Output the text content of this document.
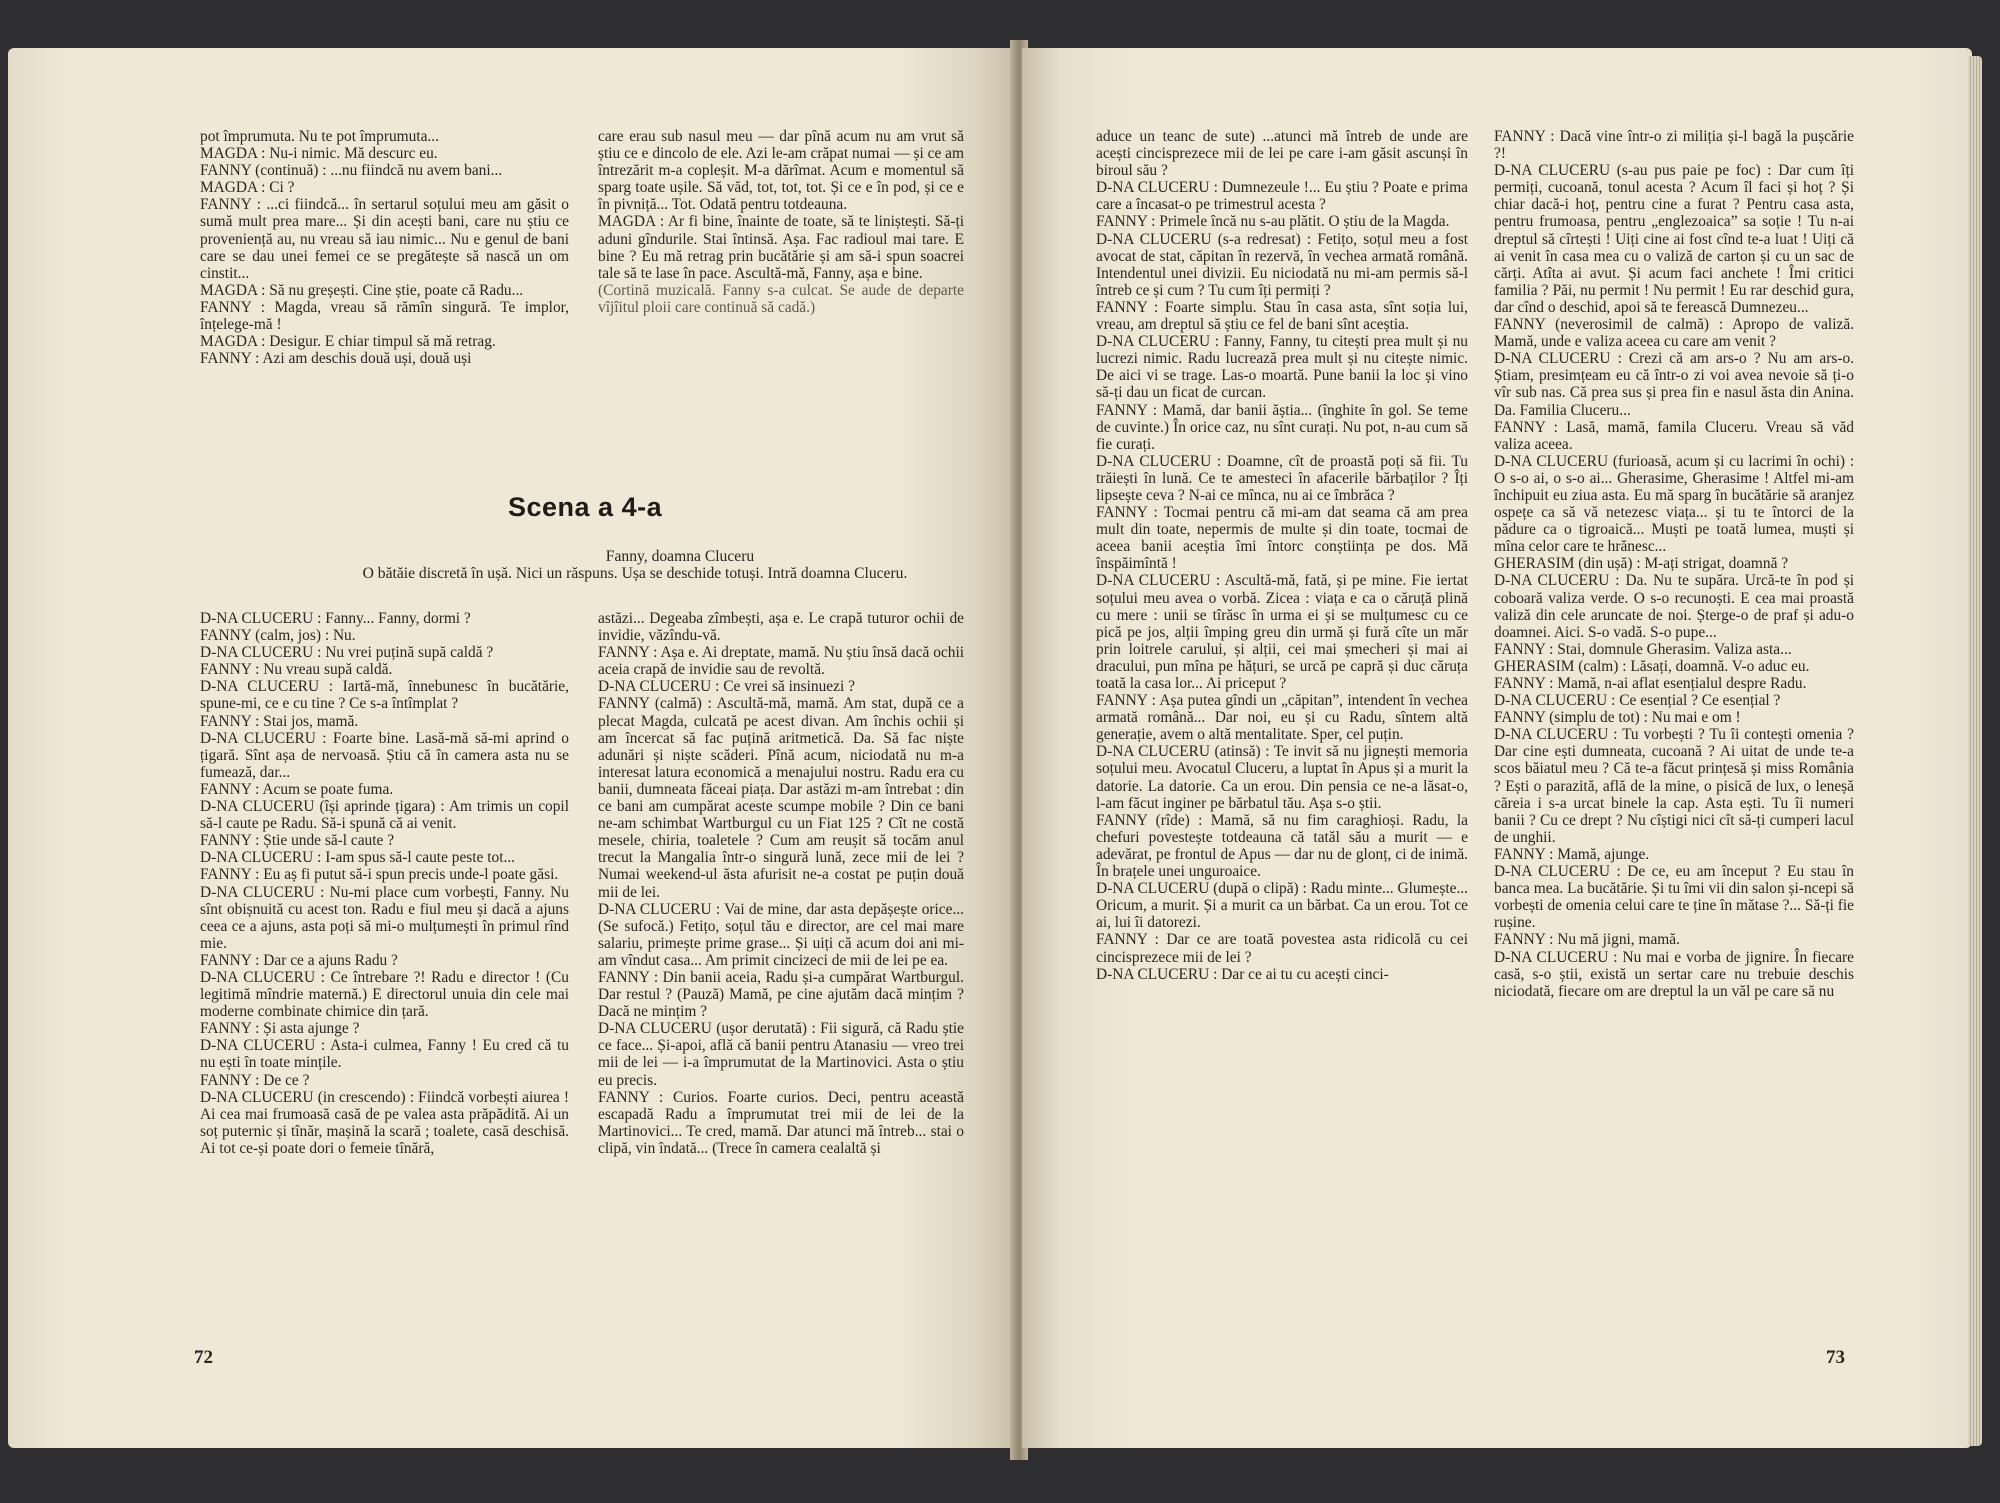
pot împrumuta. Nu te pot împrumuta...

MAGDA : Nu-i nimic. Mă descurc eu.

FANNY (continuă) : ...nu fiindcă nu avem bani...

MAGDA : Ci ?

FANNY : ...ci fiindcă... în sertarul soțului meu am găsit o sumă mult prea mare... Și din acești bani, care nu știu ce proveniență au, nu vreau să iau nimic... Nu e genul de bani care se dau unei femei ce se pregătește să nască un om cinstit...

MAGDA : Să nu greșești. Cine știe, poate că Radu...

FANNY : Magda, vreau să rămîn singură. Te implor, înțelege-mă !

MAGDA : Desigur. E chiar timpul să mă retrag.

FANNY : Azi am deschis două uși, două uși

care erau sub nasul meu — dar pînă acum nu am vrut să știu ce e dincolo de ele. Azi le-am crăpat numai — și ce am întrezărit m-a copleșit. M-a dărîmat. Acum e momentul să sparg toate ușile. Să văd, tot, tot, tot. Și ce e în pod, și ce e în pivniță... Tot. Odată pentru totdeauna.

MAGDA : Ar fi bine, înainte de toate, să te liniștești. Să-ți aduni gîndurile. Stai întinsă. Așa. Fac radioul mai tare. E bine ? Eu mă retrag prin bucătărie și am să-i spun soacrei tale să te lase în pace. Ascultă-mă, Fanny, așa e bine.

(Cortină muzicală. Fanny s-a culcat. Se aude de departe vîjîitul ploii care continuă să cadă.)

Scena a 4-a
Fanny, doamna Cluceru
O bătăie discretă în ușă. Nici un răspuns. Ușa se deschide totuși. Intră doamna Cluceru.

D-NA CLUCERU : Fanny... Fanny, dormi ?

FANNY (calm, jos) : Nu.

D-NA CLUCERU : Nu vrei puțină supă caldă ?

FANNY : Nu vreau supă caldă.

D-NA CLUCERU : Iartă-mă, înnebunesc în bucătărie, spune-mi, ce e cu tine ? Ce s-a întîmplat ?

FANNY : Stai jos, mamă.

D-NA CLUCERU : Foarte bine. Lasă-mă să-mi aprind o țigară. Sînt așa de nervoasă. Știu că în camera asta nu se fumează, dar...

FANNY : Acum se poate fuma.

D-NA CLUCERU (își aprinde țigara) : Am trimis un copil să-l caute pe Radu. Să-i spună că ai venit.

FANNY : Știe unde să-l caute ?

D-NA CLUCERU : I-am spus să-l caute peste tot...

FANNY : Eu aș fi putut să-i spun precis unde-l poate găsi.

D-NA CLUCERU : Nu-mi place cum vorbești, Fanny. Nu sînt obișnuită cu acest ton. Radu e fiul meu și dacă a ajuns ceea ce a ajuns, asta poți să mi-o mulțumești în primul rînd mie.

FANNY : Dar ce a ajuns Radu ?

D-NA CLUCERU : Ce întrebare ?! Radu e director ! (Cu legitimă mîndrie maternă.) E directorul unuia din cele mai moderne combinate chimice din țară.

FANNY : Și asta ajunge ?

D-NA CLUCERU : Asta-i culmea, Fanny ! Eu cred că tu nu ești în toate mințile.

FANNY : De ce ?

D-NA CLUCERU (in crescendo) : Fiindcă vorbești aiurea ! Ai cea mai frumoasă casă de pe valea asta prăpădită. Ai un soț puternic și tînăr, mașină la scară ; toalete, casă deschisă. Ai tot ce-și poate dori o femeie tînără,

astăzi... Degeaba zîmbești, așa e. Le crapă tuturor ochii de invidie, văzîndu-vă.

FANNY : Așa e. Ai dreptate, mamă. Nu știu însă dacă ochii aceia crapă de invidie sau de revoltă.

D-NA CLUCERU : Ce vrei să insinuezi ?

FANNY (calmă) : Ascultă-mă, mamă. Am stat, după ce a plecat Magda, culcată pe acest divan. Am închis ochii și am încercat să fac puțină aritmetică. Da. Să fac niște adunări și niște scăderi. Pînă acum, niciodată nu m-a interesat latura economică a menajului nostru. Radu era cu banii, dumneata făceai piața. Dar astăzi m-am întrebat : din ce bani am cumpărat aceste scumpe mobile ? Din ce bani ne-am schimbat Wartburgul cu un Fiat 125 ? Cît ne costă mesele, chiria, toaletele ? Cum am reușit să tocăm anul trecut la Mangalia într-o singură lună, zece mii de lei ? Numai weekend-ul ăsta afurisit ne-a costat pe puțin două mii de lei.

D-NA CLUCERU : Vai de mine, dar asta depășește orice... (Se sufocă.) Fetițo, soțul tău e director, are cel mai mare salariu, primește prime grase... Și uiți că acum doi ani mi-am vîndut casa... Am primit cincizeci de mii de lei pe ea.

FANNY : Din banii aceia, Radu și-a cumpărat Wartburgul. Dar restul ? (Pauză) Mamă, pe cine ajutăm dacă mințim ? Dacă ne mințim ?

D-NA CLUCERU (ușor derutată) : Fii sigură, că Radu știe ce face... Și-apoi, află că banii pentru Atanasiu — vreo trei mii de lei — i-a împrumutat de la Martinovici. Asta o știu eu precis.

FANNY : Curios. Foarte curios. Deci, pentru această escapadă Radu a împrumutat trei mii de lei de la Martinovici... Te cred, mamă. Dar atunci mă întreb... stai o clipă, vin îndată... (Trece în camera cealaltă și

72

aduce un teanc de sute) ...atunci mă întreb de unde are acești cincisprezece mii de lei pe care i-am găsit ascunși în biroul său ?

D-NA CLUCERU : Dumnezeule !... Eu știu ? Poate e prima care a încasat-o pe trimestrul acesta ?

FANNY : Primele încă nu s-au plătit. O știu de la Magda.

D-NA CLUCERU (s-a redresat) : Fetițo, soțul meu a fost avocat de stat, căpitan în rezervă, în vechea armată română. Intendentul unei divizii. Eu niciodată nu mi-am permis să-l întreb ce și cum ? Tu cum îți permiți ?

FANNY : Foarte simplu. Stau în casa asta, sînt soția lui, vreau, am dreptul să știu ce fel de bani sînt aceștia.

D-NA CLUCERU : Fanny, Fanny, tu citești prea mult și nu lucrezi nimic. Radu lucrează prea mult și nu citește nimic. De aici vi se trage. Las-o moartă. Pune banii la loc și vino să-ți dau un ficat de curcan.

FANNY : Mamă, dar banii ăștia... (înghite în gol. Se teme de cuvinte.) În orice caz, nu sînt curați. Nu pot, n-au cum să fie curați.

D-NA CLUCERU : Doamne, cît de proastă poți să fii. Tu trăiești în lună. Ce te amesteci în afacerile bărbaților ? Îți lipsește ceva ? N-ai ce mînca, nu ai ce îmbrăca ?

FANNY : Tocmai pentru că mi-am dat seama că am prea mult din toate, nepermis de multe și din toate, tocmai de aceea banii aceștia îmi întorc conștiința pe dos. Mă înspăimîntă !

D-NA CLUCERU : Ascultă-mă, fată, și pe mine. Fie iertat soțului meu avea o vorbă. Zicea : viața e ca o căruță plină cu mere : unii se tîrăsc în urma ei și se mulțumesc cu ce pică pe jos, alții împing greu din urmă și fură cîte un măr prin loitrele carului, și alții, cei mai șmecheri și mai ai dracului, pun mîna pe hățuri, se urcă pe capră și duc căruța toată la casa lor... Ai priceput ?

FANNY : Așa putea gîndi un „căpitan”, intendent în vechea armată română... Dar noi, eu și cu Radu, sîntem altă generație, avem o altă mentalitate. Sper, cel puțin.

D-NA CLUCERU (atinsă) : Te invit să nu jignești memoria soțului meu. Avocatul Cluceru, a luptat în Apus și a murit la datorie. La datorie. Ca un erou. Din pensia ce ne-a lăsat-o, l-am făcut inginer pe bărbatul tău. Așa s-o știi.

FANNY (rîde) : Mamă, să nu fim caraghioși. Radu, la chefuri povestește totdeauna că tatăl său a murit — e adevărat, pe frontul de Apus — dar nu de glonț, ci de inimă. În brațele unei unguroaice.

D-NA CLUCERU (după o clipă) : Radu minte... Glumește... Oricum, a murit. Și a murit ca un bărbat. Ca un erou. Tot ce ai, lui îi datorezi.

FANNY : Dar ce are toată povestea asta ridicolă cu cei cincisprezece mii de lei ?

D-NA CLUCERU : Dar ce ai tu cu acești cinci-

FANNY : Dacă vine într-o zi miliția și-l bagă la pușcărie ?!

D-NA CLUCERU (s-au pus paie pe foc) : Dar cum îți permiți, cucoană, tonul acesta ? Acum îl faci și hoț ? Și chiar dacă-i hoț, pentru cine a furat ? Pentru casa asta, pentru frumoasa, pentru „englezoaica” sa soție ! Tu n-ai dreptul să cîrtești ! Uiți cine ai fost cînd te-a luat ! Uiți că ai venit în casa mea cu o valiză de carton și cu un sac de cărți. Atîta ai avut. Și acum faci anchete ! Îmi critici familia ? Păi, nu permit ! Nu permit ! Eu rar deschid gura, dar cînd o deschid, apoi să te ferească Dumnezeu...

FANNY (neverosimil de calmă) : Apropo de valiză. Mamă, unde e valiza aceea cu care am venit ?

D-NA CLUCERU : Crezi că am ars-o ? Nu am ars-o. Știam, presimțeam eu că într-o zi voi avea nevoie să ți-o vîr sub nas. Că prea sus și prea fin e nasul ăsta din Anina. Da. Familia Cluceru...

FANNY : Lasă, mamă, famila Cluceru. Vreau să văd valiza aceea.

D-NA CLUCERU (furioasă, acum și cu lacrimi în ochi) : O s-o ai, o s-o ai... Gherasime, Gherasime ! Altfel mi-am închipuit eu ziua asta. Eu mă sparg în bucătărie să aranjez ospețe ca să vă netezesc viața... și tu te întorci de la pădure ca o tigroaică... Muști pe toată lumea, muști și mîna celor care te hrănesc...

GHERASIM (din ușă) : M-ați strigat, doamnă ?

D-NA CLUCERU : Da. Nu te supăra. Urcă-te în pod și coboară valiza verde. O s-o recunoști. E cea mai proastă valiză din cele aruncate de noi. Șterge-o de praf și adu-o doamnei. Aici. S-o vadă. S-o pupe...

FANNY : Stai, domnule Gherasim. Valiza asta...

GHERASIM (calm) : Lăsați, doamnă. V-o aduc eu.

FANNY : Mamă, n-ai aflat esențialul despre Radu.

D-NA CLUCERU : Ce esențial ? Ce esențial ?

FANNY (simplu de tot) : Nu mai e om !

D-NA CLUCERU : Tu vorbești ? Tu îi contești omenia ? Dar cine ești dumneata, cucoană ? Ai uitat de unde te-a scos băiatul meu ? Că te-a făcut prințesă și miss România ? Ești o parazită, află de la mine, o pisică de lux, o leneșă căreia i s-a urcat binele la cap. Asta ești. Tu îi numeri banii ? Cu ce drept ? Nu cîștigi nici cît să-ți cumperi lacul de unghii.

FANNY : Mamă, ajunge.

D-NA CLUCERU : De ce, eu am început ? Eu stau în banca mea. La bucătărie. Și tu îmi vii din salon și-ncepi să vorbești de omenia celui care te ține în mătase ?... Să-ți fie rușine.

FANNY : Nu mă jigni, mamă.

D-NA CLUCERU : Nu mai e vorba de jignire. În fiecare casă, s-o știi, există un sertar care nu trebuie deschis niciodată, fiecare om are dreptul la un văl pe care să nu

73
